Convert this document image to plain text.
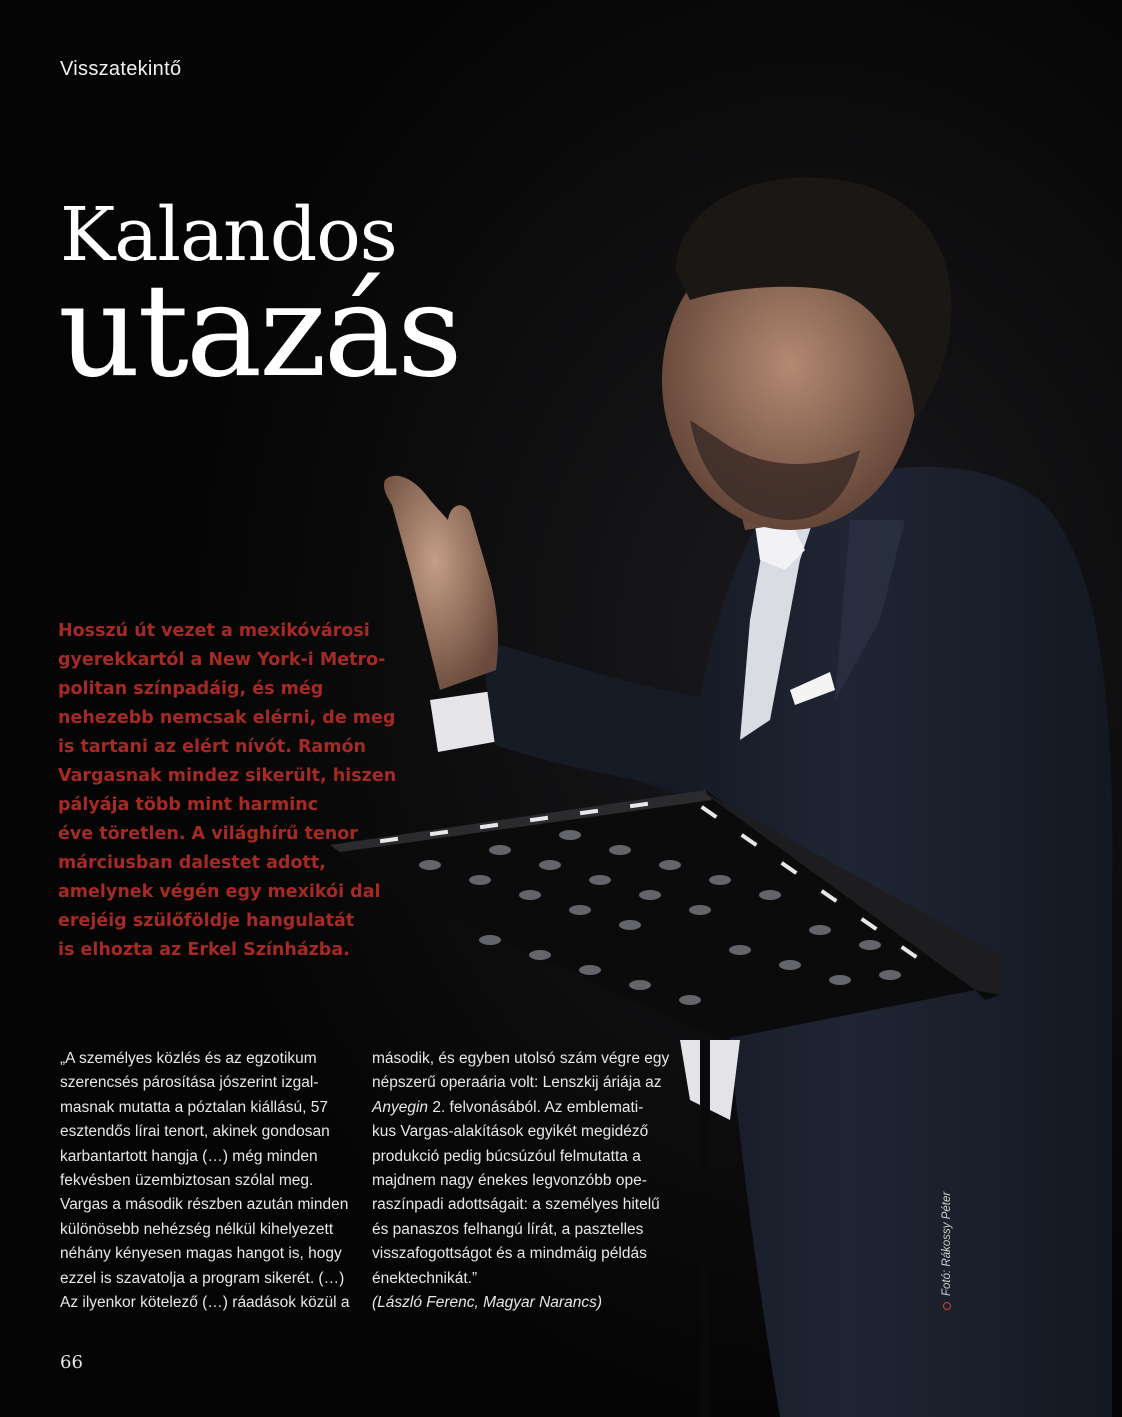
Visszatekintő
Kalandos
utazás
Hosszú út vezet a mexikóvárosi
gyerekkartól a New York-i Metro-
politan színpadáig, és még
nehezebb nemcsak elérni, de meg
is tartani az elért nívót. Ramón
Vargasnak mindez sikerült, hiszen
pályája több mint harminc
éve töretlen. A világhírű tenor
márciusban dalestet adott,
amelynek végén egy mexikói dal
erejéig szülőföldje hangulatát
is elhozta az Erkel Színházba.
„A személyes közlés és az egzotikum
szerencsés párosítása jószerint izgal-
masnak mutatta a póztalan kiállású, 57
esztendős lírai tenort, akinek gondosan
karbantartott hangja (…) még minden
fekvésben üzembiztosan szólal meg.
Vargas a második részben azután minden
különösebb nehézség nélkül kihelyezett
néhány kényesen magas hangot is, hogy
ezzel is szavatolja a program sikerét. (…)
Az ilyenkor kötelező (…) ráadások közül a
második, és egyben utolsó szám végre egy
népszerű operaária volt: Lenszkij áriája az
Anyegin 2. felvonásából. Az emblemati-
kus Vargas-alakítások egyikét megidéző
produkció pedig búcsúzóul felmutatta a
majdnem nagy énekes legvonzóbb ope-
raszínpadi adottságait: a személyes hitelű
és panaszos felhangú lírát, a pasztelles
visszafogottságot és a mindmáig példás
énektechnikát.”
(László Ferenc, Magyar Narancs)
66
Fotó: Rákossy Péter
